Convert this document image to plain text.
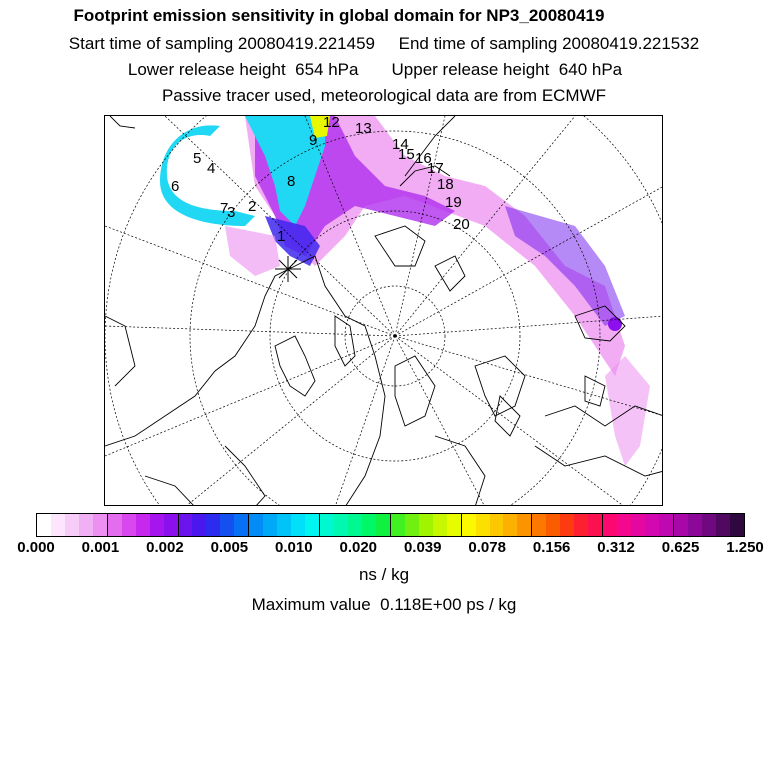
Footprint emission sensitivity in global domain for NP3_20080419
Start time of sampling 20080419.221459     End time of sampling 20080419.221532
Lower release height  654 hPa       Upper release height  640 hPa
Passive tracer used, meteorological data are from ECMWF
1
2
3
4
5
6
7
8
9
12 13
14
15 16
17
18
19
20
0.000 0.001 0.002 0.005 0.010 0.020 0.039 0.078 0.156 0.312 0.625 1.250
ns / kg
Maximum value  0.118E+00 ps / kg
